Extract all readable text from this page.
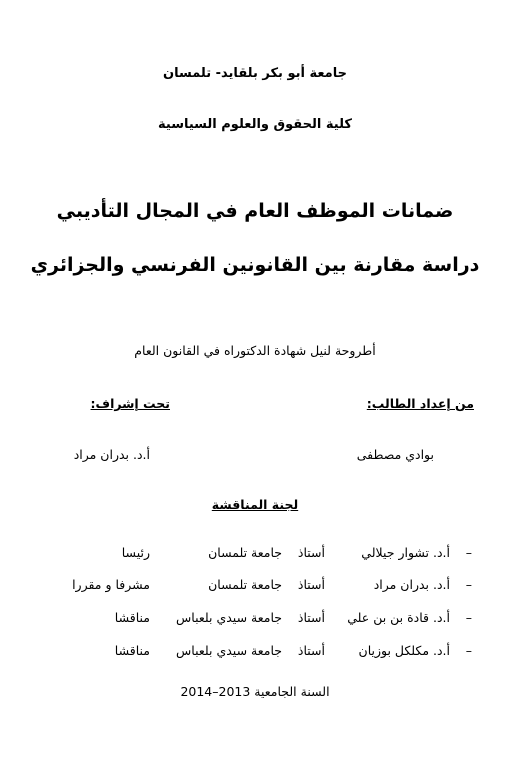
جامعة أبو بكر بلقايد- تلمسان
كلية الحقوق والعلوم السياسية
ضمانات الموظف العام في المجال التأديبي
دراسة مقارنة بين القانونين الفرنسي والجزائري
أطروحة لنيل شهادة الدكتوراه في القانون العام
من إعداد الطالب:
تحت إشراف:
بوادي مصطفى
أ.د. بدران مراد
لجنة المناقشة
–
أ.د. تشوار جيلالي
أستاذ
جامعة تلمسان
رئيسا
–
أ.د. بدران مراد
أستاذ
جامعة تلمسان
مشرفا و مقررا
–
أ.د. قادة بن بن علي
أستاذ
جامعة سيدي بلعباس
مناقشا
–
أ.د. مكلكل بوزيان
أستاذ
جامعة سيدي بلعباس
مناقشا
السنة الجامعية 2013–2014
